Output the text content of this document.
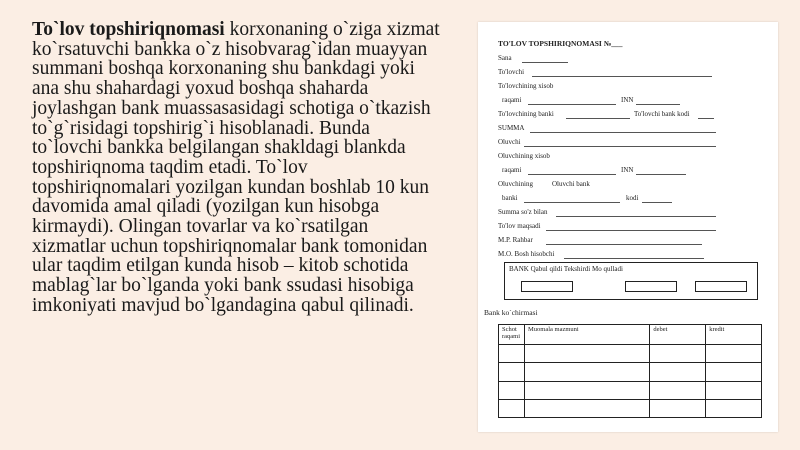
To`lov topshiriqnomasi korxonaning o`ziga xizmat ko`rsatuvchi bankka o`z hisobvarag`idan muayyan summani boshqa korxonaning shu bankdagi yoki ana shu shahardagi yoxud boshqa shaharda joylashgan bank muassasasidagi schotiga o`tkazish to`g`risidagi topshirig`i hisoblanadi. Bunda to`lovchi bankka belgilangan shakldagi blankda topshiriqnoma taqdim etadi. To`lov topshiriqnomalari yozilgan kundan boshlab 10 kun davomida amal qiladi (yozilgan kun hisobga kirmaydi). Olingan tovarlar va ko`rsatilgan xizmatlar uchun topshiriqnomalar bank tomonidan ular taqdim etilgan kunda hisob – kitob schotida mablag`lar bo`lganda yoki bank ssudasi hisobiga imkoniyati mavjud bo`lgandagina qabul qilinadi.
TO'LOV TOPSHIRIQNOMASI №___
Sana
To'lovchi
To'lovchining xisob
raqami	INN
To'lovchining banki	To'lovchi bank kodi
SUMMA
Oluvchi
Oluvchining xisob
raqami	INN
Oluvchining	Oluvchi bank
banki	kodi
Summa so'z bilan
To'lov maqsadi
M.P. Rahbar
M.O. Bosh hisobchi
BANK Qabul qildi Tekshirdi Mo qulladi
Bank ko`chirmasi
Schot raqami	Muomala mazmuni	debet	kredit
